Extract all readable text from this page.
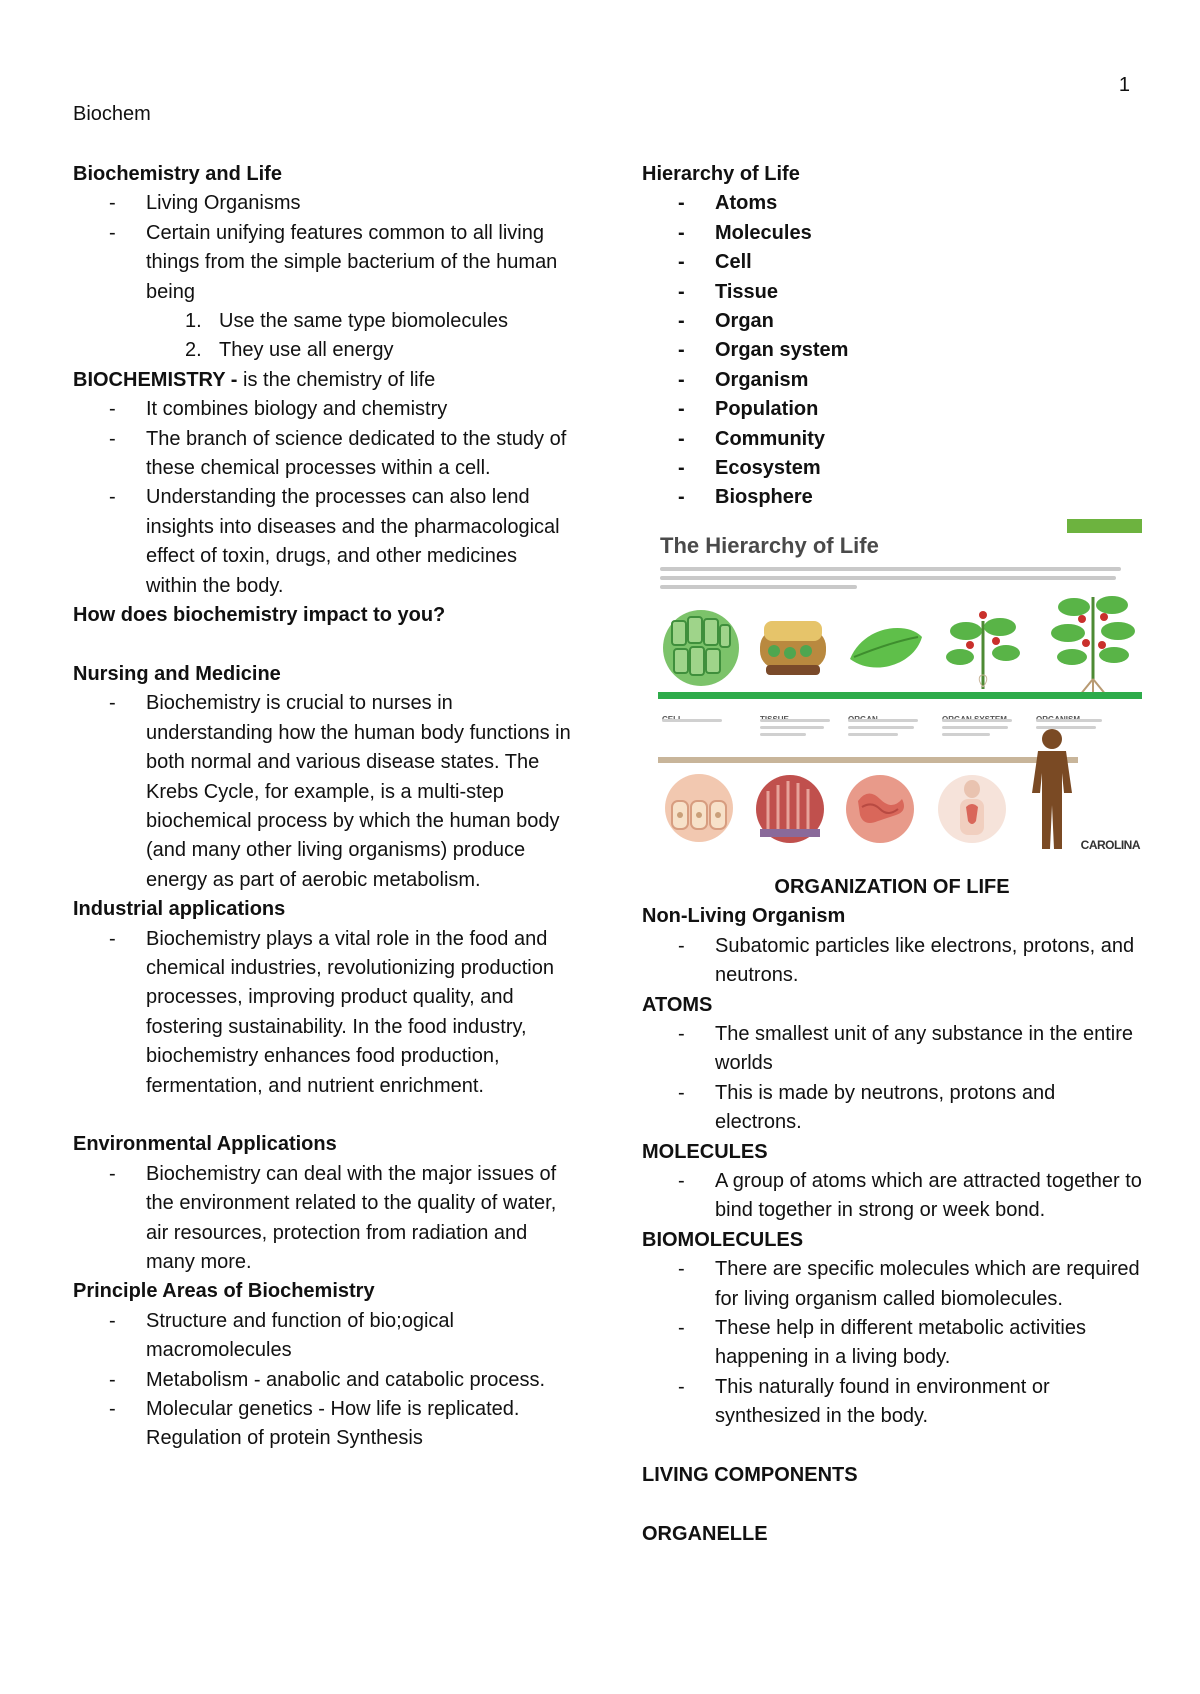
1
Biochem
Biochemistry and Life
- Living Organisms
- Certain unifying features common to all living things from the simple bacterium of the human being
1. Use the same type biomolecules
2. They use all energy
BIOCHEMISTRY - is the chemistry of life
- It combines biology and chemistry
- The branch of science dedicated to the study of these chemical processes within a cell.
- Understanding the processes can also lend insights into diseases and the pharmacological effect of toxin, drugs, and other medicines within the body.
How does biochemistry impact to you?
Nursing and Medicine
- Biochemistry is crucial to nurses in understanding how the human body functions in both normal and various disease states. The Krebs Cycle, for example, is a multi-step biochemical process by which the human body (and many other living organisms) produce energy as part of aerobic metabolism.
Industrial applications
- Biochemistry plays a vital role in the food and chemical industries, revolutionizing production processes, improving product quality, and fostering sustainability. In the food industry, biochemistry enhances food production, fermentation, and nutrient enrichment.
Environmental Applications
- Biochemistry can deal with the major issues of the environment related to the quality of water, air resources, protection from radiation and many more.
Principle Areas of Biochemistry
- Structure and function of bio;ogical macromolecules
- Metabolism - anabolic and catabolic process.
- Molecular genetics - How life is replicated. Regulation of protein Synthesis
Hierarchy of Life
- Atoms
- Molecules
- Cell
- Tissue
- Organ
- Organ system
- Organism
- Population
- Community
- Ecosystem
- Biosphere
The Hierarchy of Life
CAROLINA
ORGANIZATION OF LIFE
Non-Living Organism
- Subatomic particles like electrons, protons, and neutrons.
ATOMS
- The smallest unit of any substance in the entire worlds
- This is made by neutrons, protons and electrons.
MOLECULES
- A group of atoms which are attracted together to bind together in strong or week bond.
BIOMOLECULES
- There are specific molecules which are required for living organism called biomolecules.
- These help in different metabolic activities happening in a living body.
- This naturally found in environment or synthesized in the body.
LIVING COMPONENTS
ORGANELLE
